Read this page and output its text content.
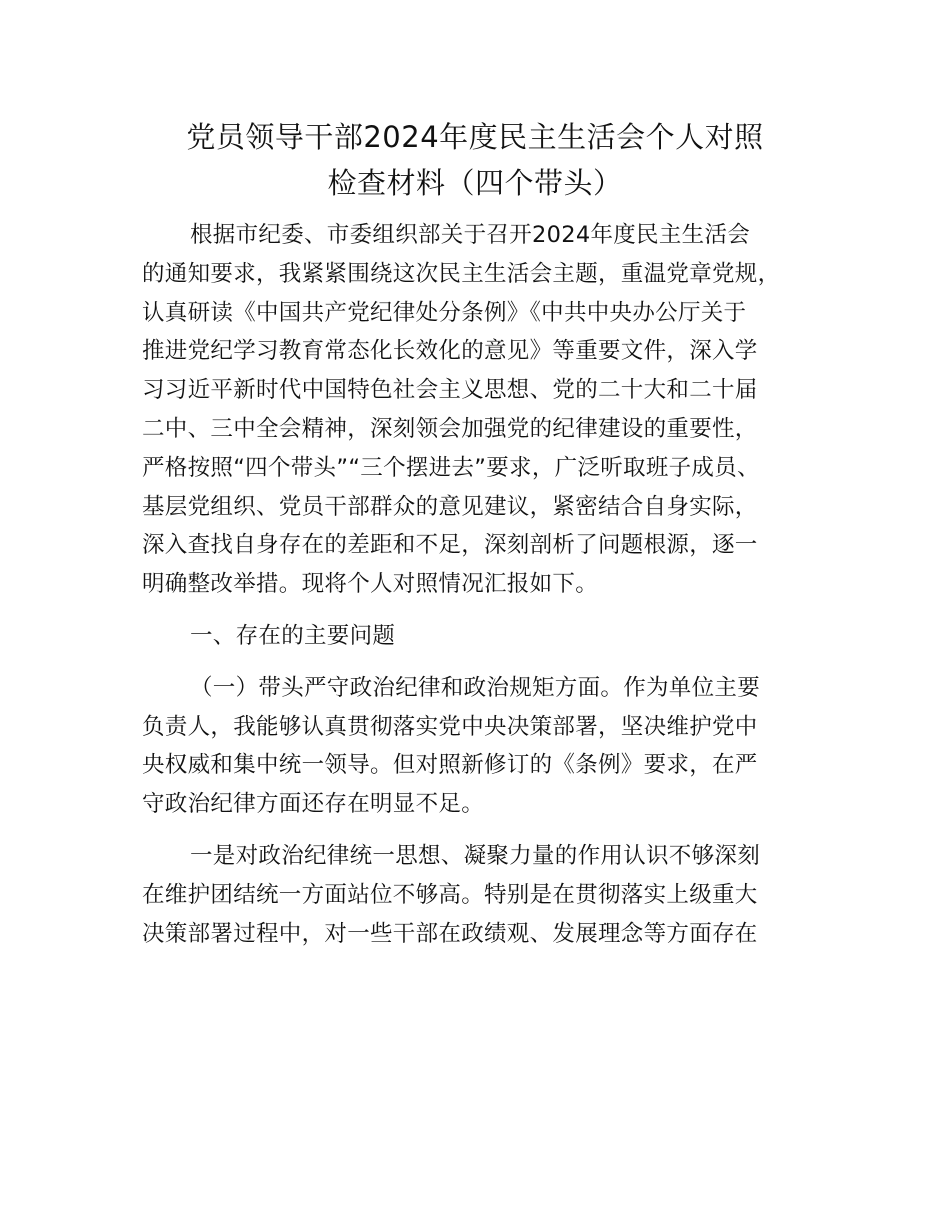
党员领导干部2024年度民主生活会个人对照
检查材料（四个带头）
根据市纪委、市委组织部关于召开2024年度民主生活会
的通知要求，我紧紧围绕这次民主生活会主题，重温党章党规，
认真研读《中国共产党纪律处分条例》《中共中央办公厅关于
推进党纪学习教育常态化长效化的意见》等重要文件，深入学
习习近平新时代中国特色社会主义思想、党的二十大和二十届
二中、三中全会精神，深刻领会加强党的纪律建设的重要性，
严格按照“四个带头”“三个摆进去”要求，广泛听取班子成员、
基层党组织、党员干部群众的意见建议，紧密结合自身实际，
深入查找自身存在的差距和不足，深刻剖析了问题根源，逐一
明确整改举措。现将个人对照情况汇报如下。
一、存在的主要问题
（一）带头严守政治纪律和政治规矩方面。作为单位主要
负责人，我能够认真贯彻落实党中央决策部署，坚决维护党中
央权威和集中统一领导。但对照新修订的《条例》要求，在严
守政治纪律方面还存在明显不足。
一是对政治纪律统一思想、凝聚力量的作用认识不够深刻
在维护团结统一方面站位不够高。特别是在贯彻落实上级重大
决策部署过程中，对一些干部在政绩观、发展理念等方面存在
